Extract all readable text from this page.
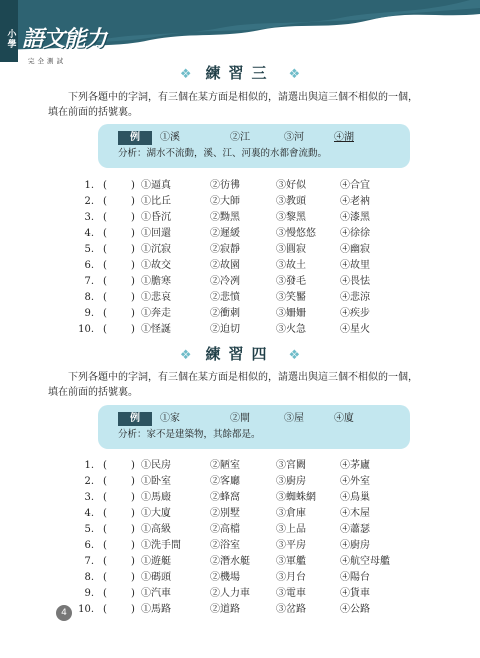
小學 語文能力
完全測試
❖ 練習三 ❖
下列各題中的字詞，有三個在某方面是相似的，請選出與這三個不相似的一個，填在前面的括號裏。
例	①溪	②江	③河	④湖
分析：湖水不流動，溪、江、河裏的水都會流動。
1. ( ) ①逼真	②彷彿	③好似	④合宜
2. ( ) ①比丘	②大師	③教頭	④老衲
3. ( ) ①昏沉	②黝黑	③黎黑	④漆黑
4. ( ) ①回還	②遲緩	③慢悠悠 ④徐徐
5. ( ) ①沉寂	②寂靜	③圓寂	④幽寂
6. ( ) ①故交	②故園	③故土	④故里
7. ( ) ①膽寒	②冷冽	③發毛	④畏怯
8. ( ) ①悲哀	②悲憤	③笑靨	④悲涼
9. ( ) ①奔走	②衝刺	③姍姍	④疾步
10. ( ) ①怪誕	②迫切	③火急	④星火
❖ 練習四 ❖
下列各題中的字詞，有三個在某方面是相似的，請選出與這三個不相似的一個，填在前面的括號裏。
例	①家	②閘	③屋	④廈
分析：家不是建築物，其餘都是。
1. ( ) ①民房	②陋室	③宮闕	④茅廬
2. ( ) ①卧室	②客廳	③廚房	④外室
3. ( ) ①馬廄	②蜂窩	③蜘蛛網 ④鳥巢
4. ( ) ①大廈	②別墅	③倉庫	④木屋
5. ( ) ①高級	②高檔	③上品	④蕭瑟
6. ( ) ①洗手間	②浴室	③平房	④廚房
7. ( ) ①遊艇	②潛水艇	③軍艦	④航空母艦
8. ( ) ①碼頭	②機場	③月台	④陽台
9. ( ) ①汽車	②人力車	③電車	④貨車
10. ( ) ①馬路	②道路	③岔路	④公路
4
